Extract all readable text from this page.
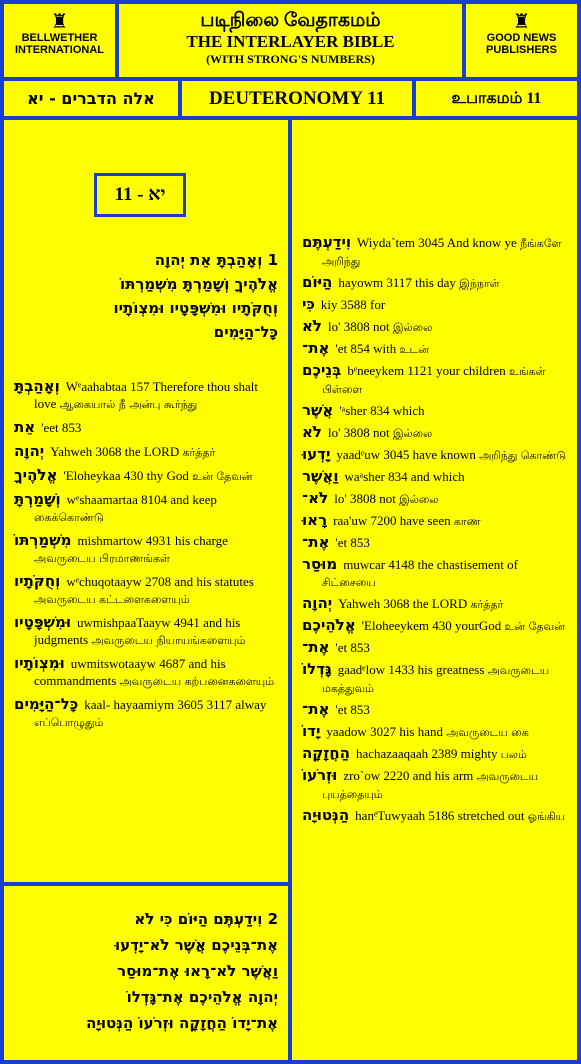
♜
BELLWETHER INTERNATIONAL
படிநிலை வேதாகமம்
THE INTERLAYER BIBLE
(WITH STRONG'S NUMBERS)
♜
GOOD NEWS PUBLISHERS
אלה הדברים - יא	DEUTERONOMY 11	உபாகமம் 11
11 - יא
1 וְאָהַבְתָּ אֵת יְהוָה
אֱלֹהֶיךָ וְשָׁמַרְתָּ מִשְׁמַרְתּוֹ
וְחֻקֹּתָיו וּמִשְׁפָּטָיו וּמִצְוֹתָיו
כָּל־הַיָּמִים

וְאָהַבְתָּ Wᵉaahabtaa 157 Therefore thou shalt love ஆகையால் நீ அன்பு கூர்ந்து

אֵת 'eet 853

יְהוָה Yahweh 3068 the LORD கர்த்தர்

אֱלֹהֶיךָ 'Eloheykaa 430 thy God உன் தேவன்

וְשָׁמַרְתָּ wᵉshaamartaa 8104 and keep கைக்கொண்டு

מִשְׁמַרְתּוֹ mishmartow 4931 his charge அவருடைய பிரமாணங்கள்

וְחֻקֹּתָיו wᵉchuqotaayw 2708 and his statutes அவருடைய கட்டளைகளையும்

וּמִשְׁפָּטָיו uwmishpaaTaayw 4941 and his judgments அவருடைய நியாயங்களையும்

וּמִצְוֹתָיו uwmitswotaayw 4687 and his commandments அவருடைய கற்பனைகளையும்

כָּל־הַיָּמִים kaal- hayaamiym 3605 3117 alway எப்பொழுதும்

2 וִידַעְתֶּם הַיּוֹם כִּי לֹא
אֶת־בְּנֵיכֶם אֲשֶׁר לֹא־יָדְעוּ
וַאֲשֶׁר לֹא־רָאוּ אֶת־מוּסַר
יְהוָה אֱלֹהֵיכֶם אֶת־גָּדְלוֹ
אֶת־יָדוֹ הַחֲזָקָה וּזְרֹעוֹ הַנְּטוּיָה

וִידַעְתֶּם Wiyda`tem 3045 And know ye நீங்களே அறிந்து

הַיּוֹם hayowm 3117 this day இந்நாள்

כִּי kiy 3588 for

לֹא lo' 3808 not இல்லை

אֶת־ 'et 854 with உடன்

בְּנֵיכֶם bᵉneeykem 1121 your children உங்கள் பிள்ளை

אֲשֶׁר 'ᵃsher 834 which

לֹא lo' 3808 not இல்லை

יָדְעוּ yaadᵉuw 3045 have known அறிந்து கொண்டு

וַאֲשֶׁר waᵃsher 834 and which

לֹא־ lo' 3808 not இல்லை

רָאוּ raa'uw 7200 have seen காண

אֶת־ 'et 853

מוּסַר muwcar 4148 the chastisement of சிட்சையை

יְהוָה Yahweh 3068 the LORD கர்த்தர்

אֱלֹהֵיכֶם 'Eloheeykem 430 yourGod உன் தேவன்

אֶת־ 'et 853

גָּדְלוֹ gaadᵉlow 1433 his greatness அவருடைய மகத்துவம்

אֶת־ 'et 853

יָדוֹ yaadow 3027 his hand அவருடைய கை

הַחֲזָקָה hachazaaqaah 2389 mighty பலம்

וּזְרֹעוֹ zro`ow 2220 and his arm அவருடைய புயத்தையும்

הַנְּטוּיָה hanᵉTuwyaah 5186 stretched out ஓங்கிய
